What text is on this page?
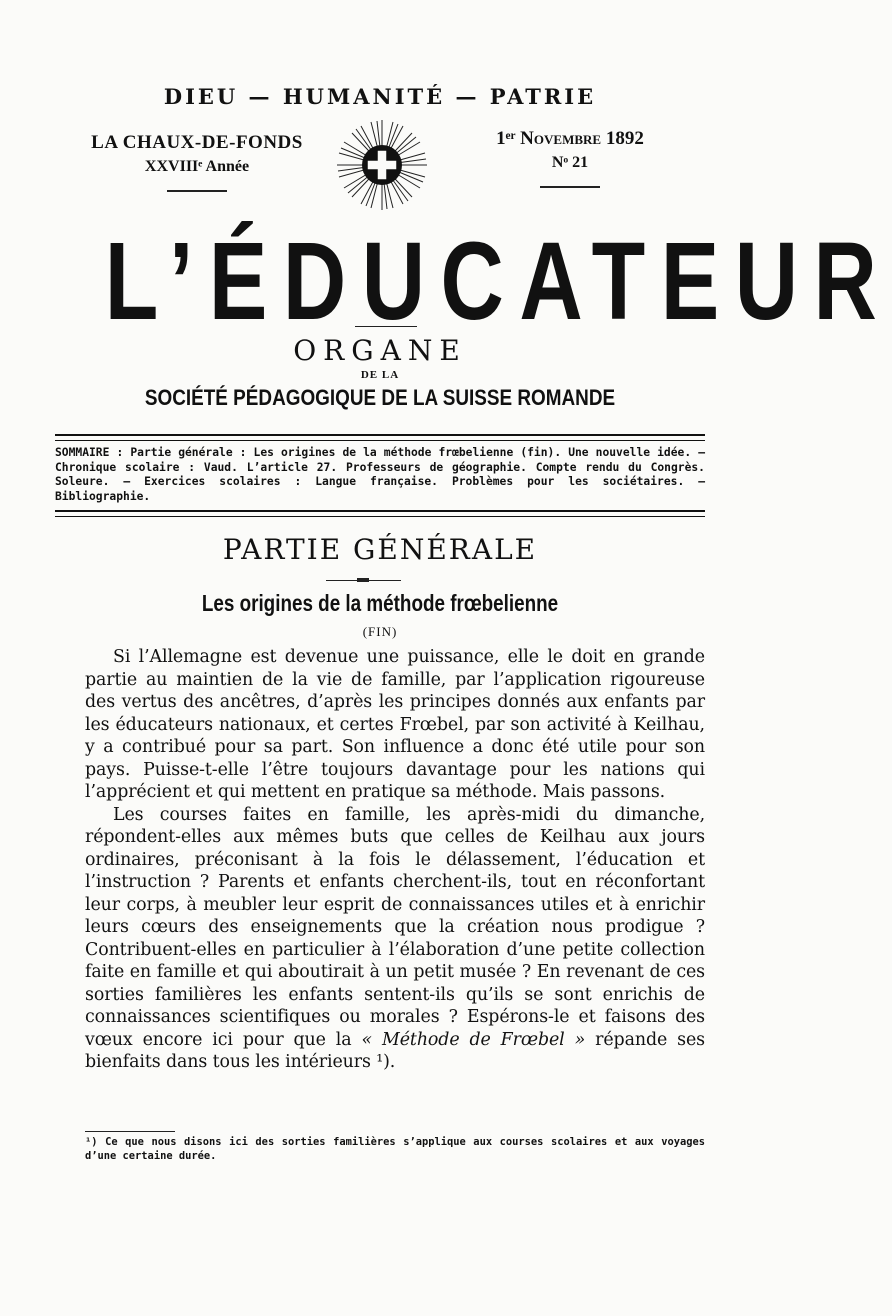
DIEU — HUMANITÉ — PATRIE
LA CHAUX-DE-FONDS
XXVIIIᵉ Année
1ᵉʳ Novembre 1892
Nᵒ 21
L’ÉDUCATEUR
ORGANE
DE LA
SOCIÉTÉ PÉDAGOGIQUE DE LA SUISSE ROMANDE
SOMMAIRE : Partie générale : Les origines de la méthode frœbelienne (fin). Une nouvelle idée. — Chronique scolaire : Vaud. L’article 27. Professeurs de géographie. Compte rendu du Congrès. Soleure. — Exercices scolaires : Langue française. Problèmes pour les sociétaires. — Bibliographie.
PARTIE GÉNÉRALE
Les origines de la méthode frœbelienne
(FIN)

Si l’Allemagne est devenue une puissance, elle le doit en grande partie au maintien de la vie de famille, par l’application rigoureuse des vertus des ancêtres, d’après les principes donnés aux enfants par les éducateurs nationaux, et certes Frœbel, par son activité à Keilhau, y a contribué pour sa part. Son influence a donc été utile pour son pays. Puisse-t-elle l’être toujours davantage pour les nations qui l’apprécient et qui mettent en pratique sa méthode. Mais passons.

Les courses faites en famille, les après-midi du dimanche, répondent-elles aux mêmes buts que celles de Keilhau aux jours ordinaires, préconisant à la fois le délassement, l’éducation et l’instruction ? Parents et enfants cherchent-ils, tout en réconfortant leur corps, à meubler leur esprit de connaissances utiles et à enrichir leurs cœurs des enseignements que la création nous prodigue ? Contribuent-elles en particulier à l’élaboration d’une petite collection faite en famille et qui aboutirait à un petit musée ? En revenant de ces sorties familières les enfants sentent-ils qu’ils se sont enrichis de connaissances scientifiques ou morales ? Espérons-le et faisons des vœux encore ici pour que la « Méthode de Frœbel » répande ses bienfaits dans tous les intérieurs ¹).

¹) Ce que nous disons ici des sorties familières s’applique aux courses scolaires et aux voyages d’une certaine durée.
